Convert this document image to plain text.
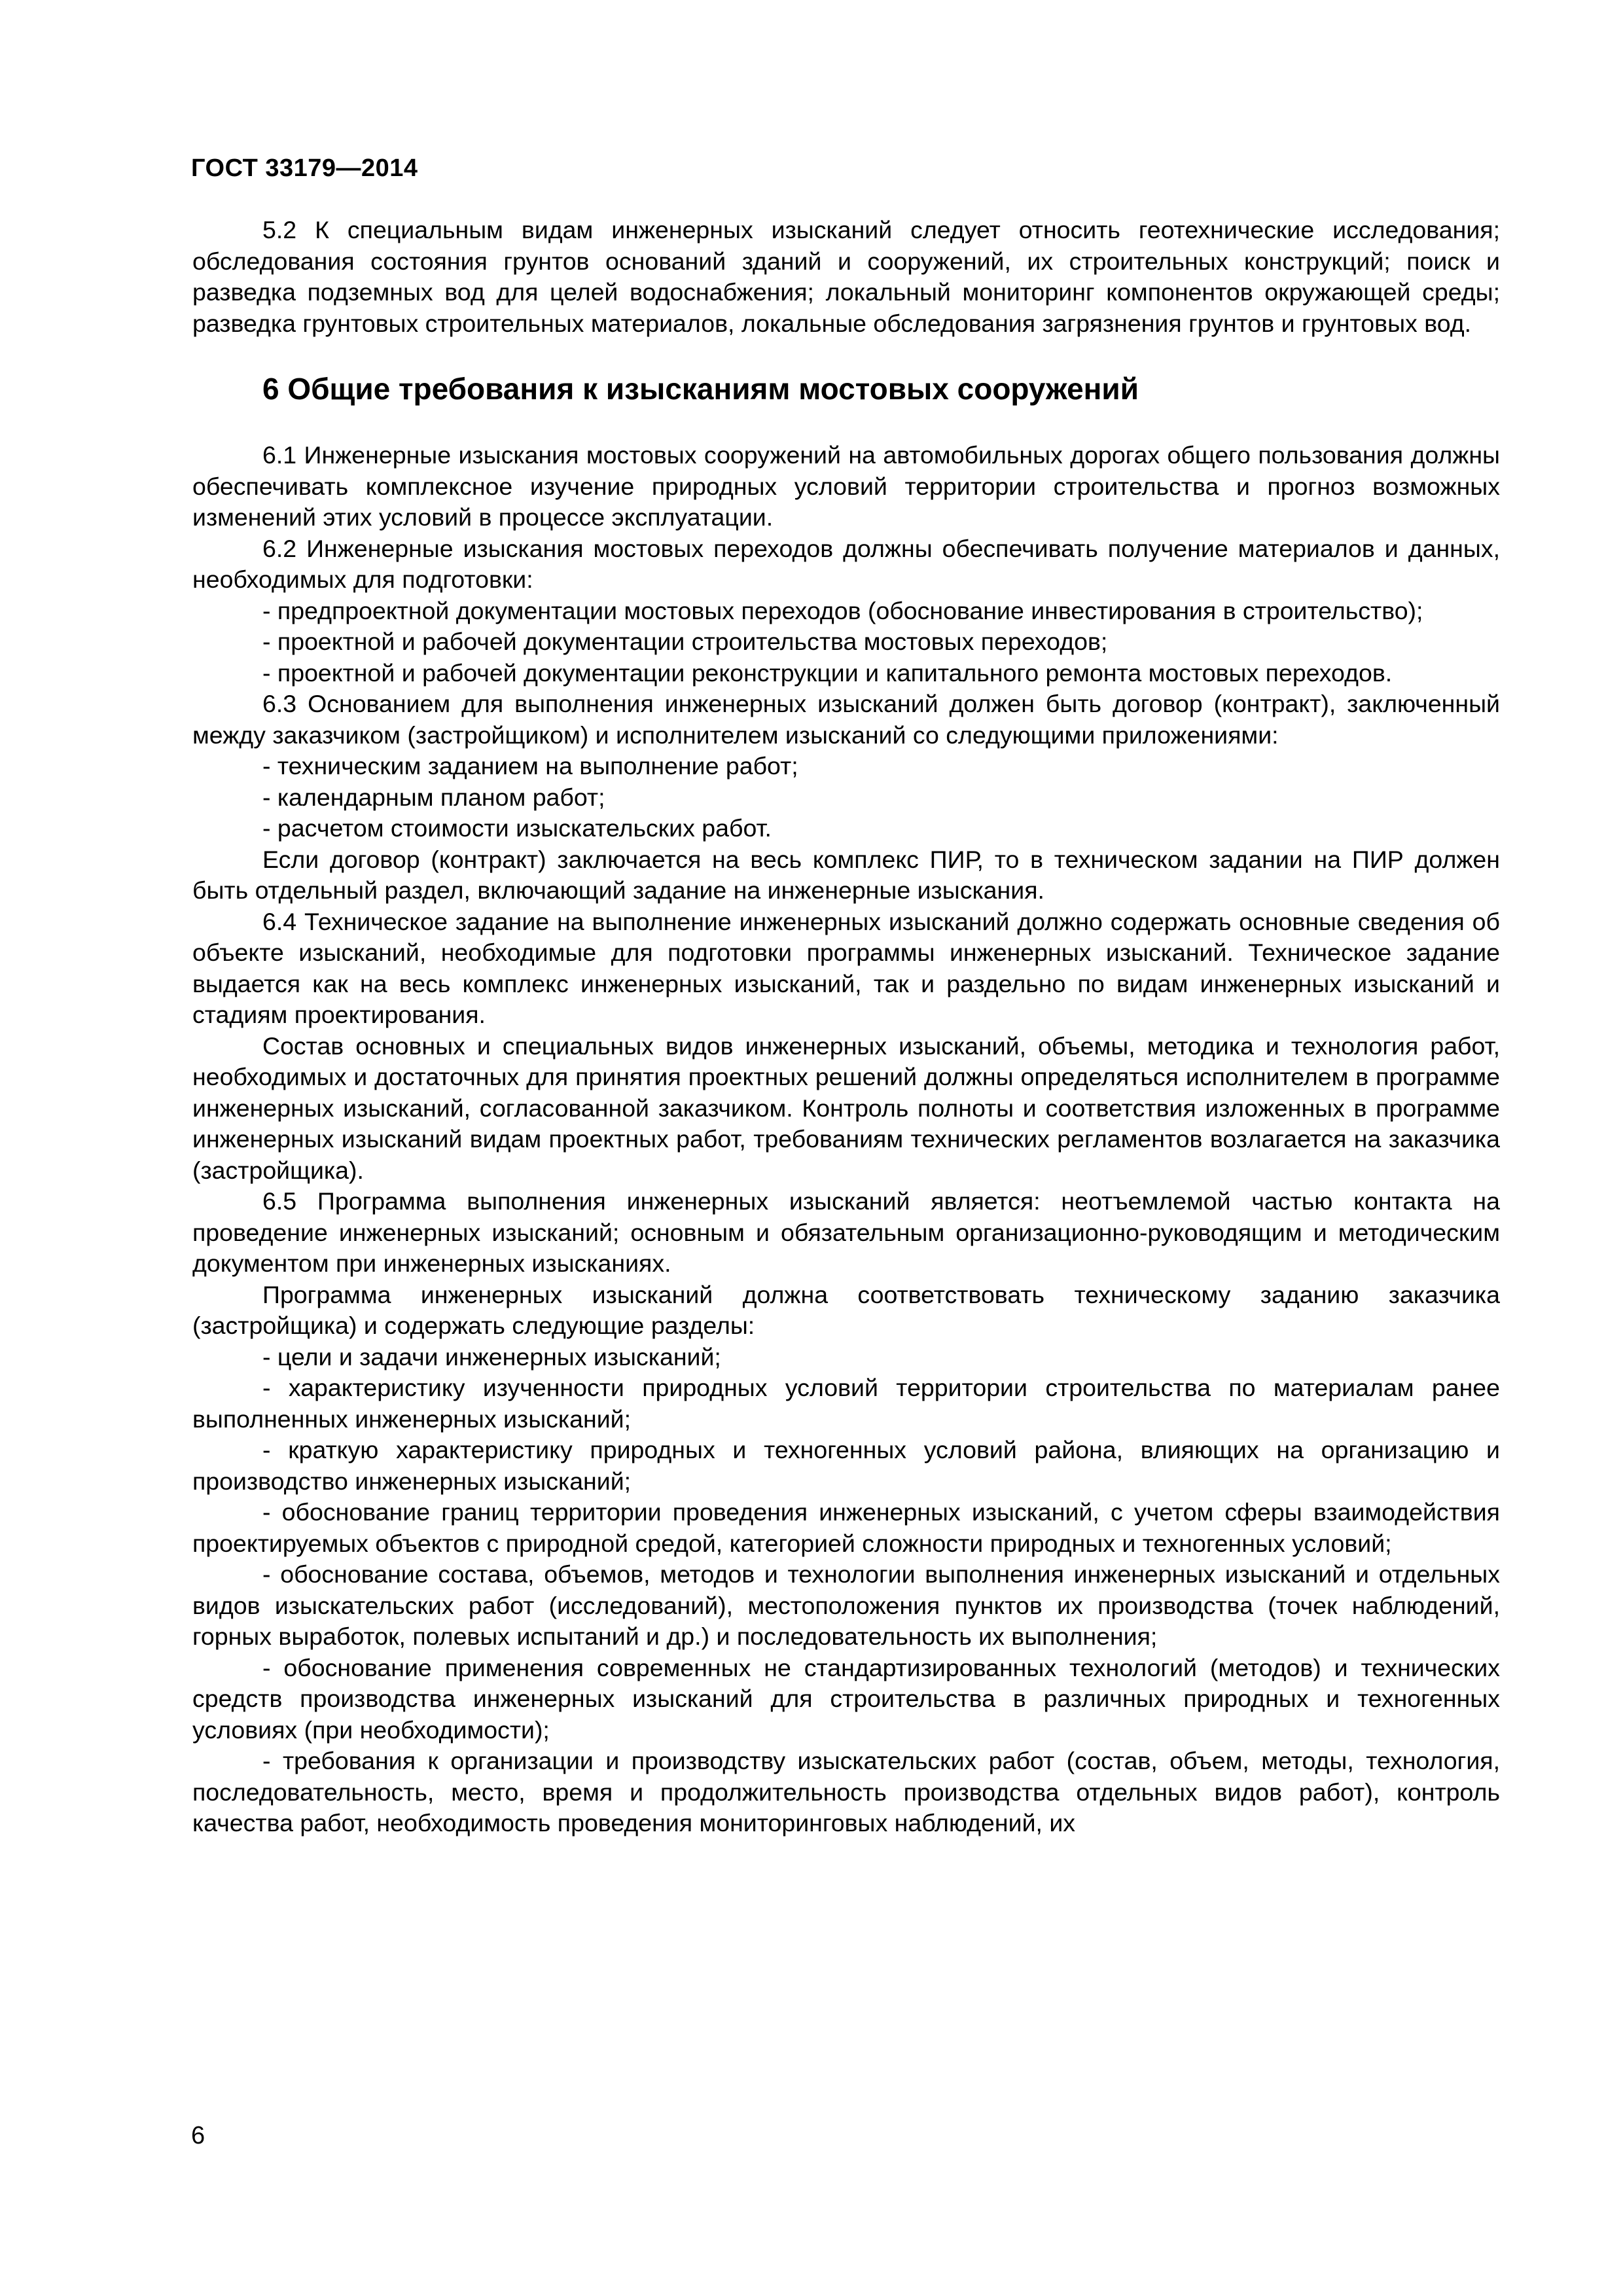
ГОСТ 33179—2014

5.2 К специальным видам инженерных изысканий следует относить геотехнические исследования; обследования состояния грунтов оснований зданий и сооружений, их строительных конструкций; поиск и разведка подземных вод для целей водоснабжения; локальный мониторинг компонентов окружающей среды; разведка грунтовых строительных материалов, локальные обследования загрязнения грунтов и грунтовых вод.

6 Общие требования к изысканиям мостовых сооружений

6.1 Инженерные изыскания мостовых сооружений на автомобильных дорогах общего пользования должны обеспечивать комплексное изучение природных условий территории строительства и прогноз возможных изменений этих условий в процессе эксплуатации.

6.2 Инженерные изыскания мостовых переходов должны обеспечивать получение материалов и данных, необходимых для подготовки:

- предпроектной документации мостовых переходов (обоснование инвестирования в строительство);

- проектной и рабочей документации строительства мостовых переходов;

- проектной и рабочей документации реконструкции и капитального ремонта мостовых переходов.

6.3 Основанием для выполнения инженерных изысканий должен быть договор (контракт), заключенный между заказчиком (застройщиком) и исполнителем изысканий со следующими приложениями:

- техническим заданием на выполнение работ;

- календарным планом работ;

- расчетом стоимости изыскательских работ.

Если договор (контракт) заключается на весь комплекс ПИР, то в техническом задании на ПИР должен быть отдельный раздел, включающий задание на инженерные изыскания.

6.4 Техническое задание на выполнение инженерных изысканий должно содержать основные сведения об объекте изысканий, необходимые для подготовки программы инженерных изысканий. Техническое задание выдается как на весь комплекс инженерных изысканий, так и раздельно по видам инженерных изысканий и стадиям проектирования.

Состав основных и специальных видов инженерных изысканий, объемы, методика и технология работ, необходимых и достаточных для принятия проектных решений должны определяться исполнителем в программе инженерных изысканий, согласованной заказчиком. Контроль полноты и соответствия изложенных в программе инженерных изысканий видам проектных работ, требованиям технических регламентов возлагается на заказчика (застройщика).

6.5 Программа выполнения инженерных изысканий является: неотъемлемой частью контакта на проведение инженерных изысканий; основным и обязательным организационно-руководящим и методическим документом при инженерных изысканиях.

Программа инженерных изысканий должна соответствовать техническому заданию заказчика (застройщика) и содержать следующие разделы:

- цели и задачи инженерных изысканий;

- характеристику изученности природных условий территории строительства по материалам ранее выполненных инженерных изысканий;

- краткую характеристику природных и техногенных условий района, влияющих на организацию и производство инженерных изысканий;

- обоснование границ территории проведения инженерных изысканий, с учетом сферы взаимодействия проектируемых объектов с природной средой, категорией сложности природных и техногенных условий;

- обоснование состава, объемов, методов и технологии выполнения инженерных изысканий и отдельных видов изыскательских работ (исследований), местоположения пунктов их производства (точек наблюдений, горных выработок, полевых испытаний и др.) и последовательность их выполнения;

- обоснование применения современных не стандартизированных технологий (методов) и технических средств производства инженерных изысканий для строительства в различных природных и техногенных условиях (при необходимости);

- требования к организации и производству изыскательских работ (состав, объем, методы, технология, последовательность, место, время и продолжительность производства отдельных видов работ), контроль качества работ, необходимость проведения мониторинговых наблюдений, их

6
